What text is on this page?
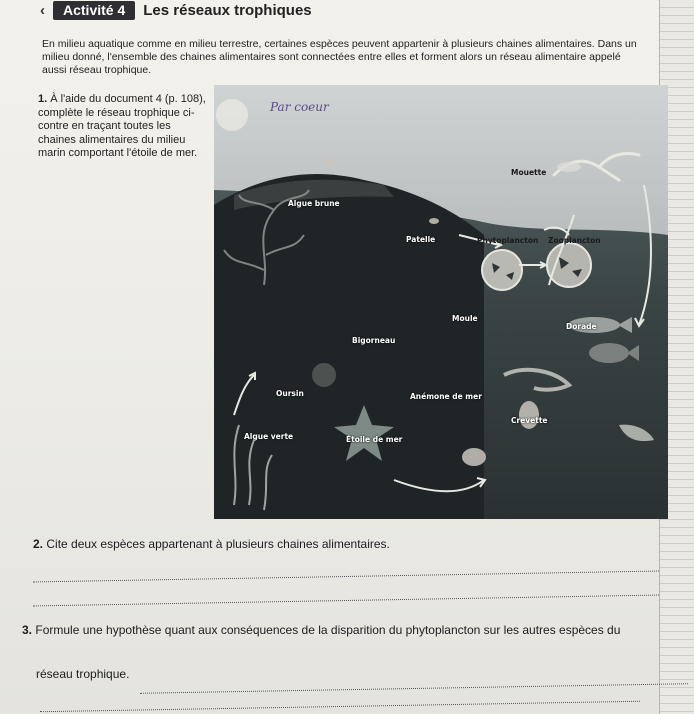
‹	Activité 4	Les réseaux trophiques
En milieu aquatique comme en milieu terrestre, certaines espèces peuvent appartenir à plusieurs chaines alimentaires. Dans un milieu donné, l'ensemble des chaines alimentaires sont connectées entre elles et forment alors un réseau alimentaire appelé aussi réseau trophique.
1. À l'aide du document 4 (p. 108), complète le réseau trophique ci-contre en traçant toutes les chaines alimentaires du milieu marin comportant l'étoile de mer.
Algue brune
Patelle	Phytoplancton Zooplancton
Mouette
Moule
Bigorneau
Dorade
Oursin	Anémone de mer
Crevette
Algue verte	Étoile de mer
Par coeur
2. Cite deux espèces appartenant à plusieurs chaines alimentaires.
3. Formule une hypothèse quant aux conséquences de la disparition du phytoplancton sur les autres espèces du
réseau trophique.
